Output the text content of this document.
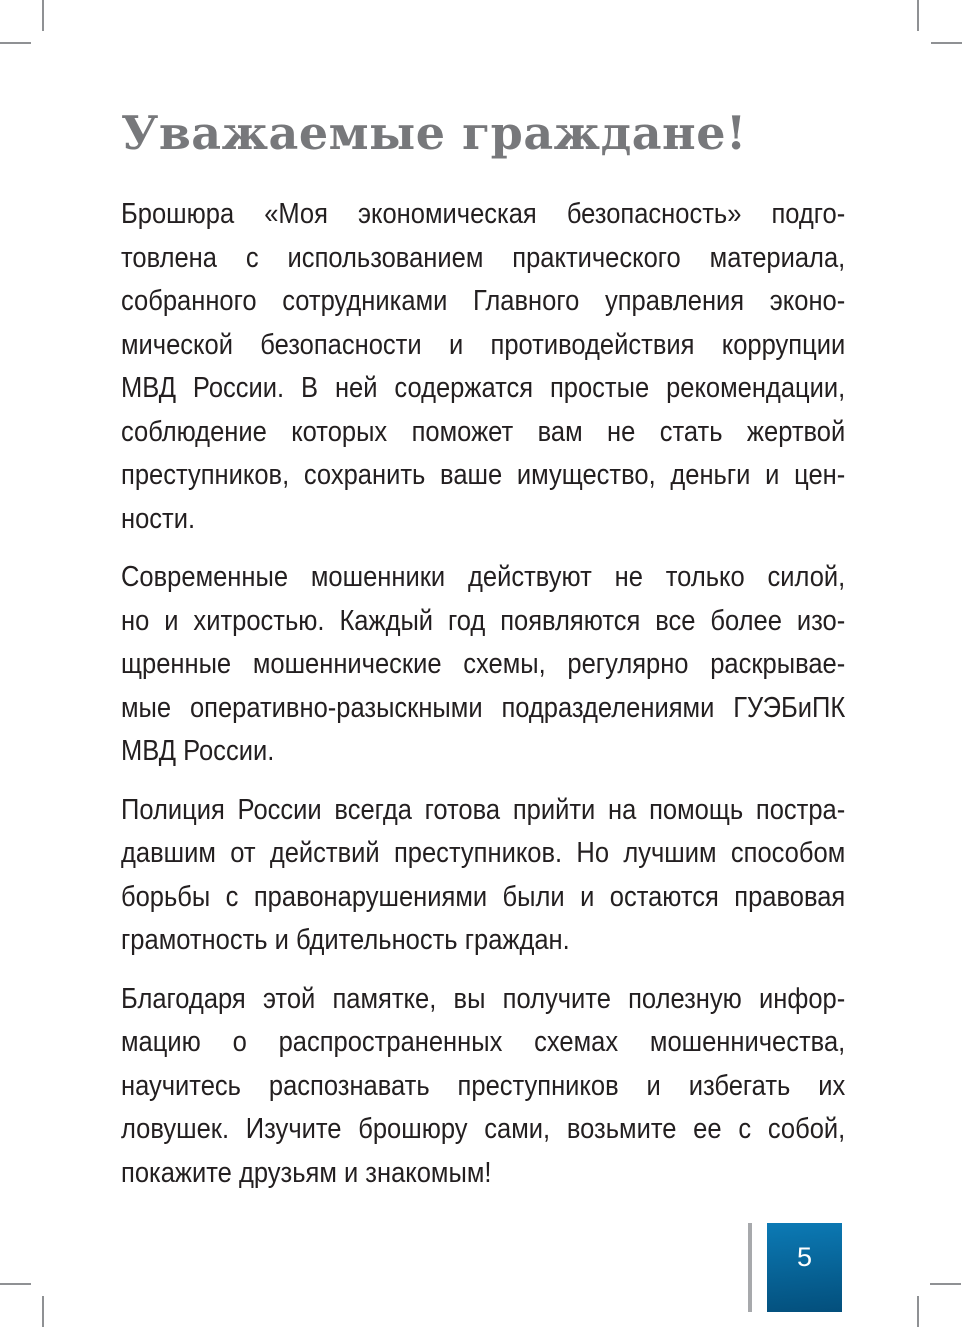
Уважаемые граждане!
Брошюра «Моя экономическая безопасность» подго-
товлена с использованием практического материала,
собранного сотрудниками Главного управления эконо-
мической безопасности и противодействия коррупции
МВД России. В ней содержатся простые рекомендации,
соблюдение которых поможет вам не стать жертвой
преступников, сохранить ваше имущество, деньги и цен-
ности.
Современные мошенники действуют не только силой,
но и хитростью. Каждый год появляются все более изо-
щренные мошеннические схемы, регулярно раскрывае-
мые оперативно-разыскными подразделениями ГУЭБиПК
МВД России.
Полиция России всегда готова прийти на помощь постра-
давшим от действий преступников. Но лучшим способом
борьбы с правонарушениями были и остаются правовая
грамотность и бдительность граждан.
Благодаря этой памятке, вы получите полезную инфор-
мацию о распространенных схемах мошенничества,
научитесь распознавать преступников и избегать их
ловушек. Изучите брошюру сами, возьмите ее с собой,
покажите друзьям и знакомым!
5
